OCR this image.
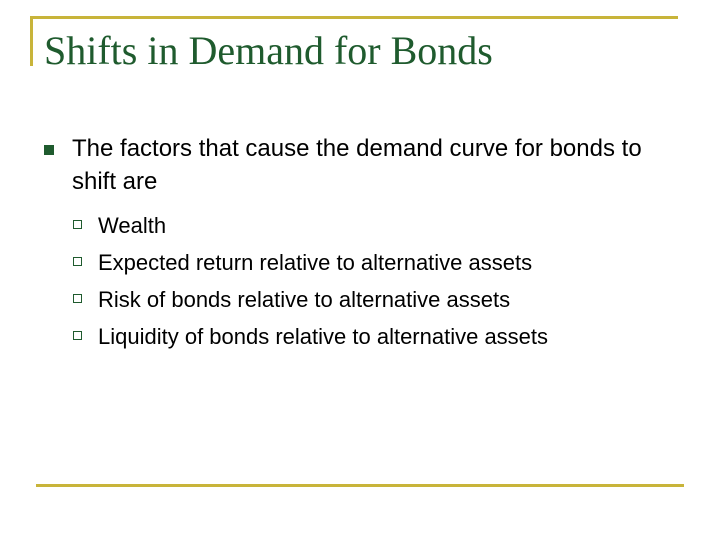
Shifts in Demand for Bonds
The factors that cause the demand curve for bonds to shift are
Wealth
Expected return relative to alternative assets
Risk of bonds relative to alternative assets
Liquidity of bonds relative to alternative assets
